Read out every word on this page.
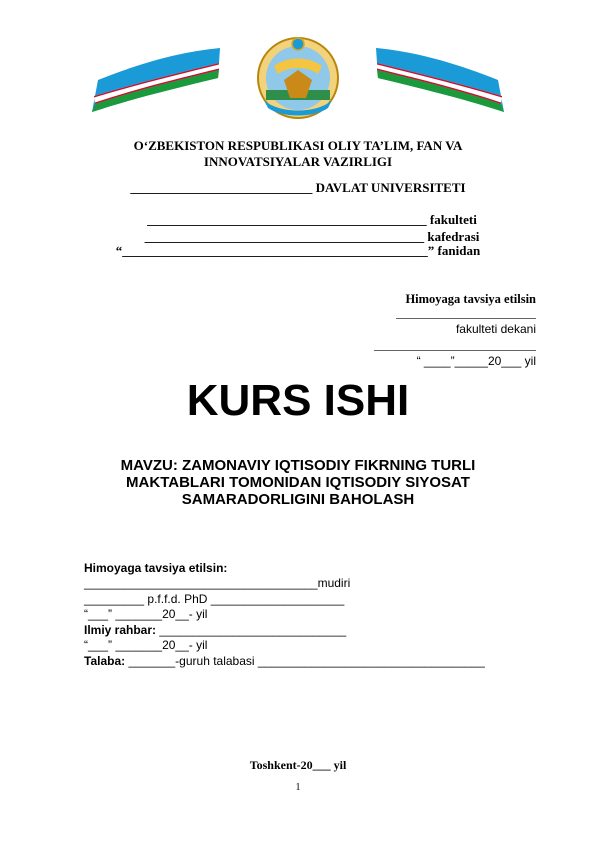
O‘ZBEKISTON RESPUBLIKASI OLIY TA’LIM, FAN VA
INNOVATSIYALAR VAZIRLIGI
____________________________ DAVLAT UNIVERSITETI
___________________________________________ fakulteti
___________________________________________ kafedrasi
“_______________________________________________” fanidan
Himoyaga tavsiya etilsin
fakulteti dekani
“ ____”_____20___ yil
KURS ISHI
MAVZU: ZAMONAVIY IQTISODIY FIKRNING TURLI
MAKTABLARI TOMONIDAN IQTISODIY SIYOSAT
SAMARADORLIGINI BAHOLASH
Himoyaga tavsiya etilsin:
___________________________________mudiri
_________ p.f.f.d. PhD ____________________
“___” _______20__- yil
Ilmiy rahbar: ____________________________
“___” _______20__- yil
Talaba: _______-guruh talabasi __________________________________
Toshkent-20___ yil
1
